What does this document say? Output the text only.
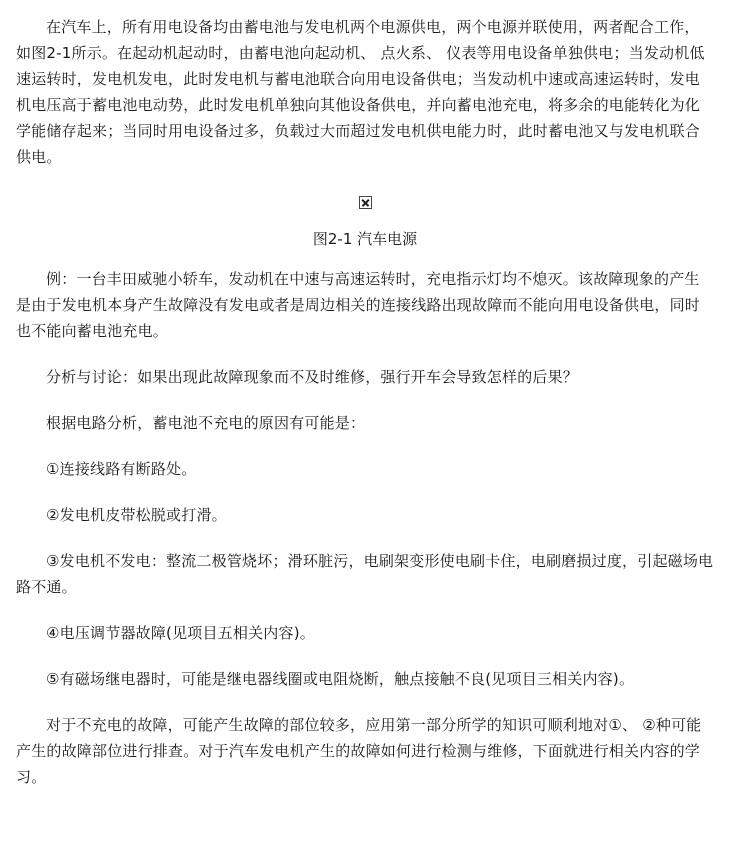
在汽车上，所有用电设备均由蓄电池与发电机两个电源供电，两个电源并联使用，两者配合工作，如图2-1所示。在起动机起动时，由蓄电池向起动机、 点火系、 仪表等用电设备单独供电；当发动机低速运转时，发电机发电，此时发电机与蓄电池联合向用电设备供电；当发动机中速或高速运转时，发电机电压高于蓄电池电动势，此时发电机单独向其他设备供电，并向蓄电池充电，将多余的电能转化为化学能储存起来；当同时用电设备过多，负载过大而超过发电机供电能力时，此时蓄电池又与发电机联合供电。

图2-1 汽车电源

例：一台丰田威驰小轿车，发动机在中速与高速运转时，充电指示灯均不熄灭。该故障现象的产生是由于发电机本身产生故障没有发电或者是周边相关的连接线路出现故障而不能向用电设备供电，同时也不能向蓄电池充电。

分析与讨论：如果出现此故障现象而不及时维修，强行开车会导致怎样的后果？

根据电路分析，蓄电池不充电的原因有可能是：

①连接线路有断路处。

②发电机皮带松脱或打滑。

③发电机不发电：整流二极管烧坏；滑环脏污，电刷架变形使电刷卡住，电刷磨损过度，引起磁场电路不通。

④电压调节器故障(见项目五相关内容)。

⑤有磁场继电器时，可能是继电器线圈或电阻烧断，触点接触不良(见项目三相关内容)。

对于不充电的故障，可能产生故障的部位较多，应用第一部分所学的知识可顺利地对①、 ②种可能产生的故障部位进行排查。对于汽车发电机产生的故障如何进行检测与维修，下面就进行相关内容的学习。
